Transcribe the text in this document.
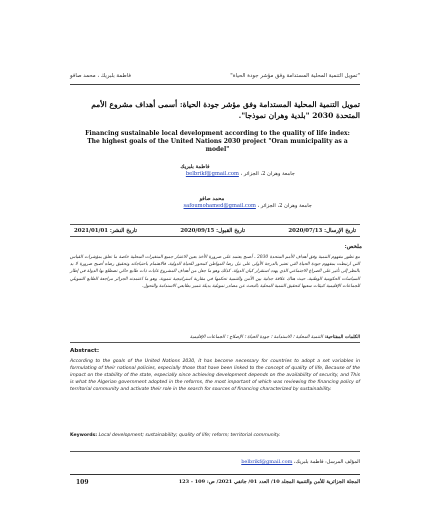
"تمويل التنمية المحلية المستدامة وفق مؤشر جودة الحياة"
فاطمة بلبريك ، محمد صافو
تمويل التنمية المحلية المستدامة وفق مؤشر جودة الحياة: أسمى أهداف مشروع الأمم المتحدة 2030 "بلدية وهران نموذجا".
Financing sustainable local development according to the quality of life index: The highest goals of the United Nations 2030 project "Oran municipality as a model"
فاطمة بلبريك
جامعة وهران 2، الجزائر ، belbrikf@gmail.com
محمد صافو
جامعة وهران 2، الجزائر ، safoumohamed@gmail.com
تاريخ الإرسال: 2020/07/13
تاريخ القبول: 2020/09/15
تاريخ النشر: 2021/01/01
ملخص:
مع تطور مفهوم التنمية وفق أهداف الأمم المتحدة 2030 ، أصبح يعتمد على ضرورة الأخذ بعين الاعتبار جميع المتغيرات المحلية خاصة ما تعلق بمؤشرات القياس التي ارتبطت بمفهوم جودة الحياة التي تعتبر بالدرجة الأولى على نيل رضا المواطن كمحور للحياة الدولية، فالاهتمام باحتياجاته وتحقيق رضاه أصبح ضرورة لا بد بالنظر إلى تأثير على الصراع الاجتماعي الذي يهدد استقرار كيان الدولة. كذلك وهو ما جعل من أهداف المشروع غايات ذات طابع حالي تضطلع بها الدولة في إطار السياسات الحكومية الوطنية، حيث هناك علاقة جدلية بين الأمن والتنمية تحكمها في مقاربة استراتيجية تنموية. وهو ما اعتمدته الجزائر مراجعة الطابع التمويلي للجماعات الإقليمية كبيئات سعيها لتحقيق التنمية المحلية بالبحث عن مصادر تمويلية بديلة تتميز بطابعي الاستدامة والتحول.
الكلمات المفتاحية: التنمية المحلية ؛ الاستدامة ؛ جودة الحياة ؛ الإصلاح ؛ الجماعات الإقليمية
Abstract:
According to the goals of the United Nations 2030, it has become necessary for countries to adopt a set variables in formulating of their national policies, especially those that have been linked to the concept of quality of life, Because of the impact on the stability of the state, especially since achieving development depends on the availability of security, and This is what the Algerian government adopted in the reforms, the most important of which was reviewing the financing policy of territorial community and activate their role in the search for sources of financing characterized by sustainability.
Keywords: Local development; sustainability; quality of life; reform; territorial community.
المؤلف المرسل: فاطمة بلبريك، belbrikf@gmail.com
109	المجلة الجزائرية للأمن والتنمية المجلد 10/ العدد 01/ جانفي 2021/ ص: 109 - 123
